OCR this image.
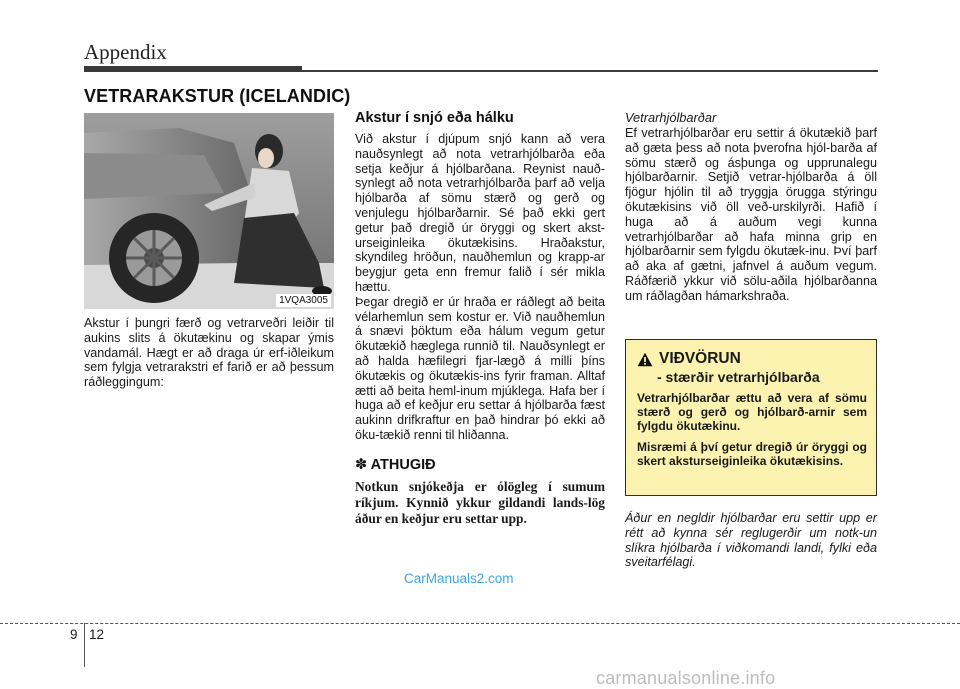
Appendix
VETRARAKSTUR (ICELANDIC)
1VQA3005

Akstur í þungri færð og vetrarveðri leiðir til aukins slits á ökutækinu og skapar ýmis vandamál. Hægt er að draga úr erf-iðleikum sem fylgja vetrarakstri ef farið er að þessum ráðleggingum:

Akstur í snjó eða hálku

Við akstur í djúpum snjó kann að vera nauðsynlegt að nota vetrarhjólbarða eða setja keðjur á hjólbarðana. Reynist nauð-synlegt að nota vetrarhjólbarða þarf að velja hjólbarða af sömu stærð og gerð og venjulegu hjólbarðarnir. Sé það ekki gert getur það dregið úr öryggi og skert akst-urseiginleika ökutækisins. Hraðakstur, skyndileg hröðun, nauðhemlun og krapp-ar beygjur geta enn fremur falið í sér mikla hættu.

Þegar dregið er úr hraða er ráðlegt að beita vélarhemlun sem kostur er. Við nauðhemlun á snævi þöktum eða hálum vegum getur ökutækið hæglega runnið til. Nauðsynlegt er að halda hæfilegri fjar-lægð á milli þíns ökutækis og ökutækis-ins fyrir framan. Alltaf ætti að beita heml-inum mjúklega. Hafa ber í huga að ef keðjur eru settar á hjólbarða fæst aukinn drifkraftur en það hindrar þó ekki að öku-tækið renni til hliðanna.

✽ ATHUGIÐ

Notkun snjókeðja er ólögleg í sumum ríkjum. Kynnið ykkur gildandi lands-lög áður en keðjur eru settar upp.

Vetrarhjólbarðar

Ef vetrarhjólbarðar eru settir á ökutækið þarf að gæta þess að nota þverofna hjól-barða af sömu stærð og ásþunga og upprunalegu hjólbarðarnir. Setjið vetrar-hjólbarða á öll fjögur hjólin til að tryggja örugga stýringu ökutækisins við öll veð-urskilyrði. Hafið í huga að á auðum vegi kunna vetrarhjólbarðar að hafa minna grip en hjólbarðarnir sem fylgdu ökutæk-inu. Því þarf að aka af gætni, jafnvel á auðum vegum. Ráðfærið ykkur við sölu-aðila hjólbarðanna um ráðlagðan hámarkshraða.

VIÐVÖRUN
- stærðir vetrarhjólbarða

Vetrarhjólbarðar ættu að vera af sömu stærð og gerð og hjólbarð-arnir sem fylgdu ökutækinu.

Misræmi á því getur dregið úr öryggi og skert aksturseiginleika ökutækisins.

Áður en negldir hjólbarðar eru settir upp er rétt að kynna sér reglugerðir um notk-un slíkra hjólbarða í viðkomandi landi, fylki eða sveitarfélagi.

CarManuals2.com
9 12
carmanualsonline.info
